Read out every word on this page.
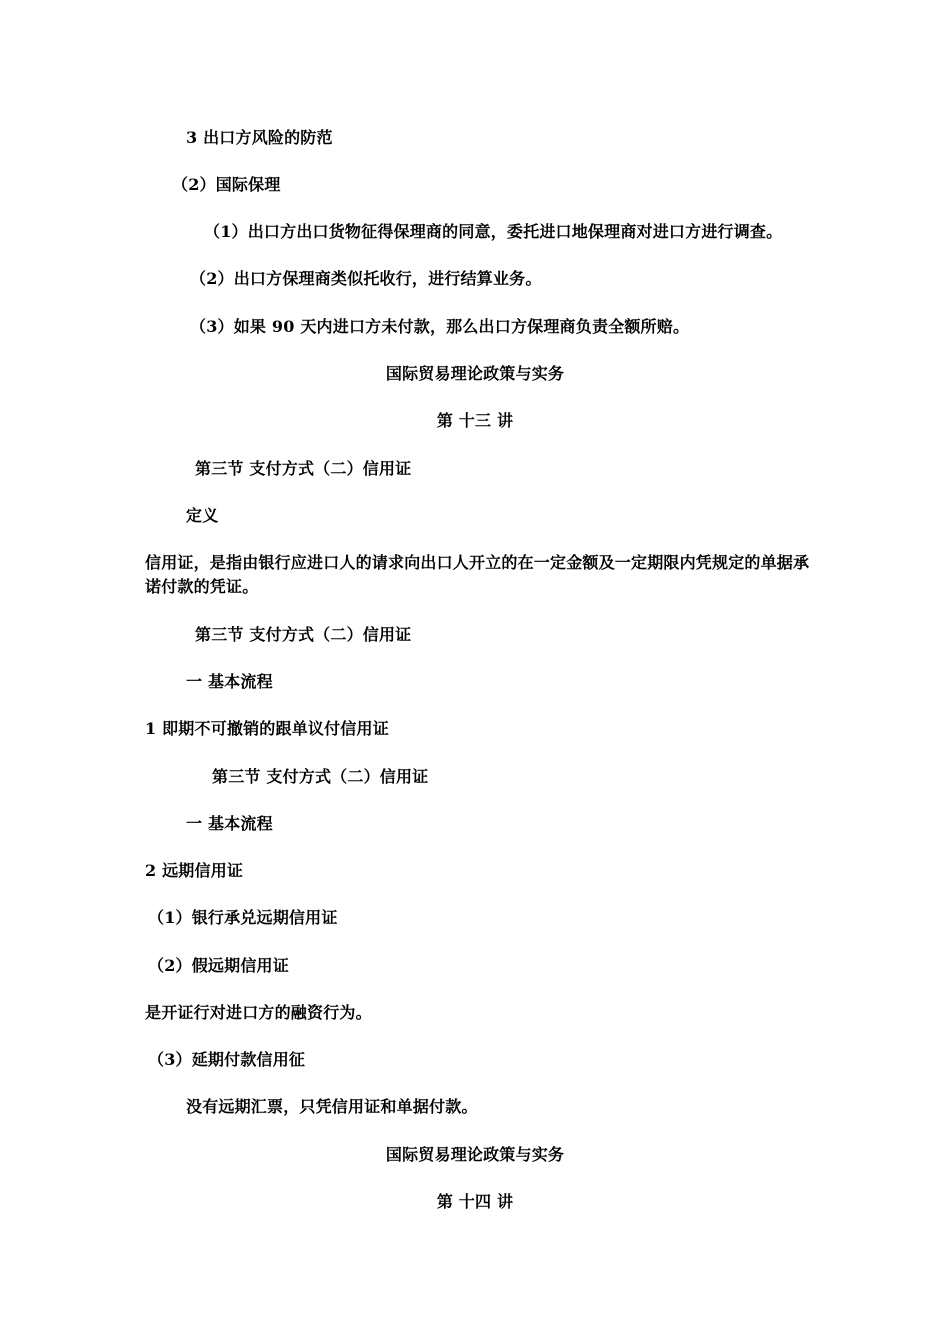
3 出口方风险的防范
（2）国际保理
（1）出口方出口货物征得保理商的同意，委托进口地保理商对进口方进行调查。
（2）出口方保理商类似托收行，进行结算业务。
（3）如果 90 天内进口方未付款，那么出口方保理商负责全额所赔。
国际贸易理论政策与实务
第 十三 讲
第三节 支付方式（二）信用证
定义
信用证，是指由银行应进口人的请求向出口人开立的在一定金额及一定期限内凭规定的单据承诺付款的凭证。
第三节 支付方式（二）信用证
一 基本流程
1 即期不可撤销的跟单议付信用证
第三节 支付方式（二）信用证
一 基本流程
2 远期信用证
（1）银行承兑远期信用证
（2）假远期信用证
是开证行对进口方的融资行为。
（3）延期付款信用征
没有远期汇票，只凭信用证和单据付款。
国际贸易理论政策与实务
第 十四 讲
